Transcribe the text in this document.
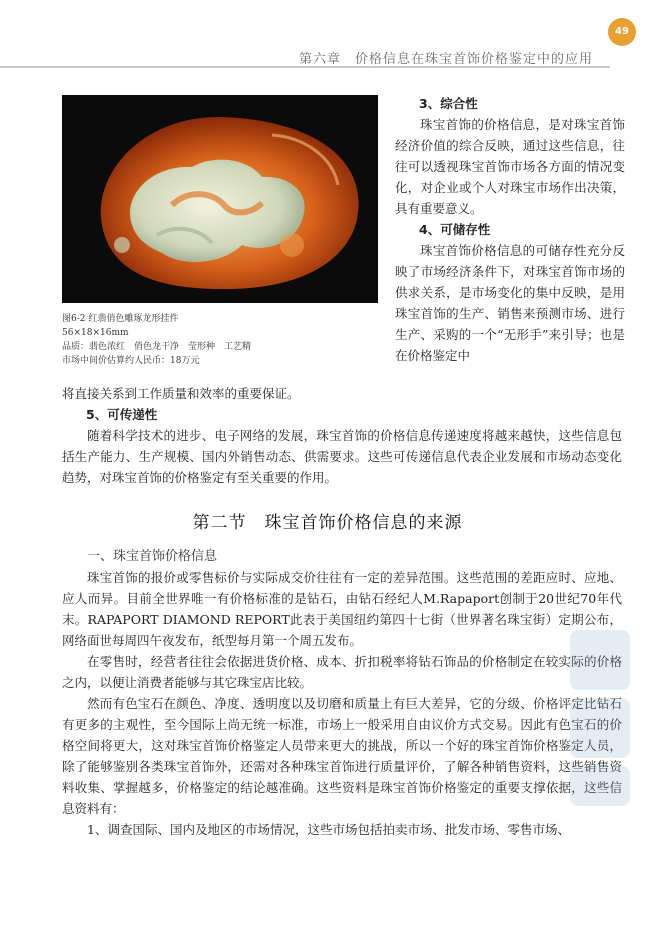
第六章　价格信息在珠宝首饰价格鉴定中的应用
49
图6-2 红翡俏色雕琢龙形挂件
56×18×16mm
品质：翡色浓红　俏色龙干净　莹形种　工艺精
市场中间价估算约人民币：18万元
3、综合性

珠宝首饰的价格信息，是对珠宝首饰经济价值的综合反映，通过这些信息，往往可以透视珠宝首饰市场各方面的情况变化，对企业或个人对珠宝市场作出决策，具有重要意义。

4、可储存性

珠宝首饰价格信息的可储存性充分反映了市场经济条件下，对珠宝首饰市场的供求关系，是市场变化的集中反映，是用珠宝首饰的生产、销售来预测市场、进行生产、采购的一个“无形手”来引导；也是在价格鉴定中

将直接关系到工作质量和效率的重要保证。

5、可传递性

随着科学技术的进步、电子网络的发展，珠宝首饰的价格信息传递速度将越来越快，这些信息包括生产能力、生产规模、国内外销售动态、供需要求。这些可传递信息代表企业发展和市场动态变化趋势，对珠宝首饰的价格鉴定有至关重要的作用。

第二节 珠宝首饰价格信息的来源
一、珠宝首饰价格信息

珠宝首饰的报价或零售标价与实际成交价往往有一定的差异范围。这些范围的差距应时、应地、应人而异。目前全世界唯一有价格标准的是钻石，由钻石经纪人M.Rapaport创制于20世纪70年代末。RAPAPORT DIAMOND REPORT此表于美国纽约第四十七街（世界著名珠宝街）定期公布，网络面世每周四午夜发布，纸型每月第一个周五发布。

在零售时，经营者往往会依据进货价格、成本、折扣税率将钻石饰品的价格制定在较实际的价格之内，以便让消费者能够与其它珠宝店比较。

然而有色宝石在颜色、净度、透明度以及切磨和质量上有巨大差异，它的分级、价格评定比钻石有更多的主观性，至今国际上尚无统一标准，市场上一般采用自由议价方式交易。因此有色宝石的价格空间将更大，这对珠宝首饰价格鉴定人员带来更大的挑战，所以一个好的珠宝首饰价格鉴定人员，除了能够鉴别各类珠宝首饰外，还需对各种珠宝首饰进行质量评价，了解各种销售资料，这些销售资料收集、掌握越多，价格鉴定的结论越准确。这些资料是珠宝首饰价格鉴定的重要支撑依据，这些信息资料有：

1、调查国际、国内及地区的市场情况，这些市场包括拍卖市场、批发市场、零售市场、
